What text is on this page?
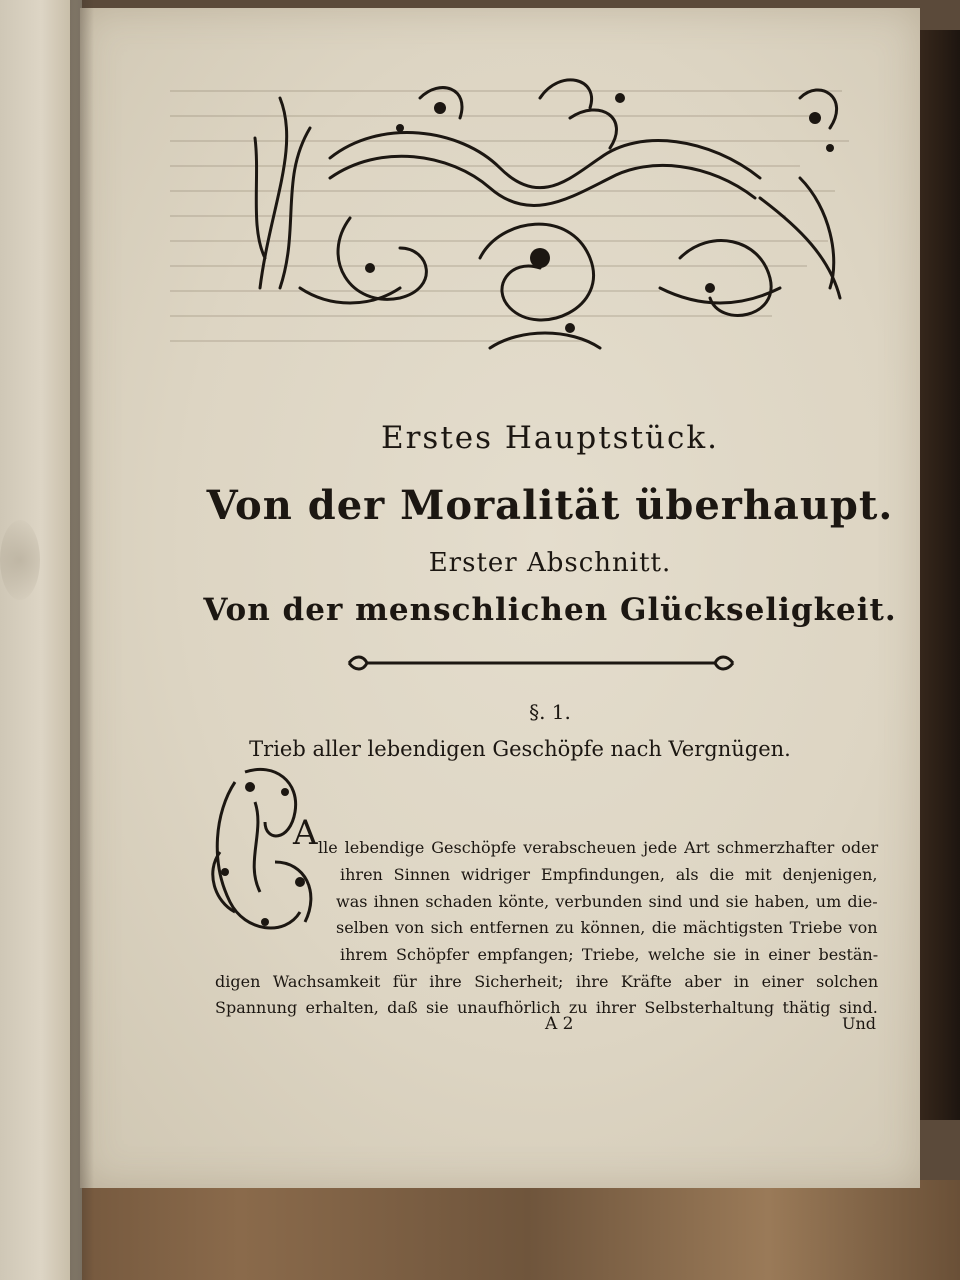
Erstes Hauptstück.
Von der Moralität überhaupt.
Erster Abschnitt.
Von der menschlichen Glückseligkeit.
§. 1.
Trieb aller lebendigen Geschöpfe nach Vergnügen.
A lle lebendige Geschöpfe verabscheuen jede Art schmerzhafter oder
ihren Sinnen widriger Empfindungen, als die mit denjenigen,
was ihnen schaden könte, verbunden sind und sie haben, um die-
selben von sich entfernen zu können, die mächtigsten Triebe von
ihrem Schöpfer empfangen; Triebe, welche sie in einer bestän-
digen Wachsamkeit für ihre Sicherheit; ihre Kräfte aber in einer solchen
Spannung erhalten, daß sie unaufhörlich zu ihrer Selbsterhaltung thätig sind.
A 2	Und
